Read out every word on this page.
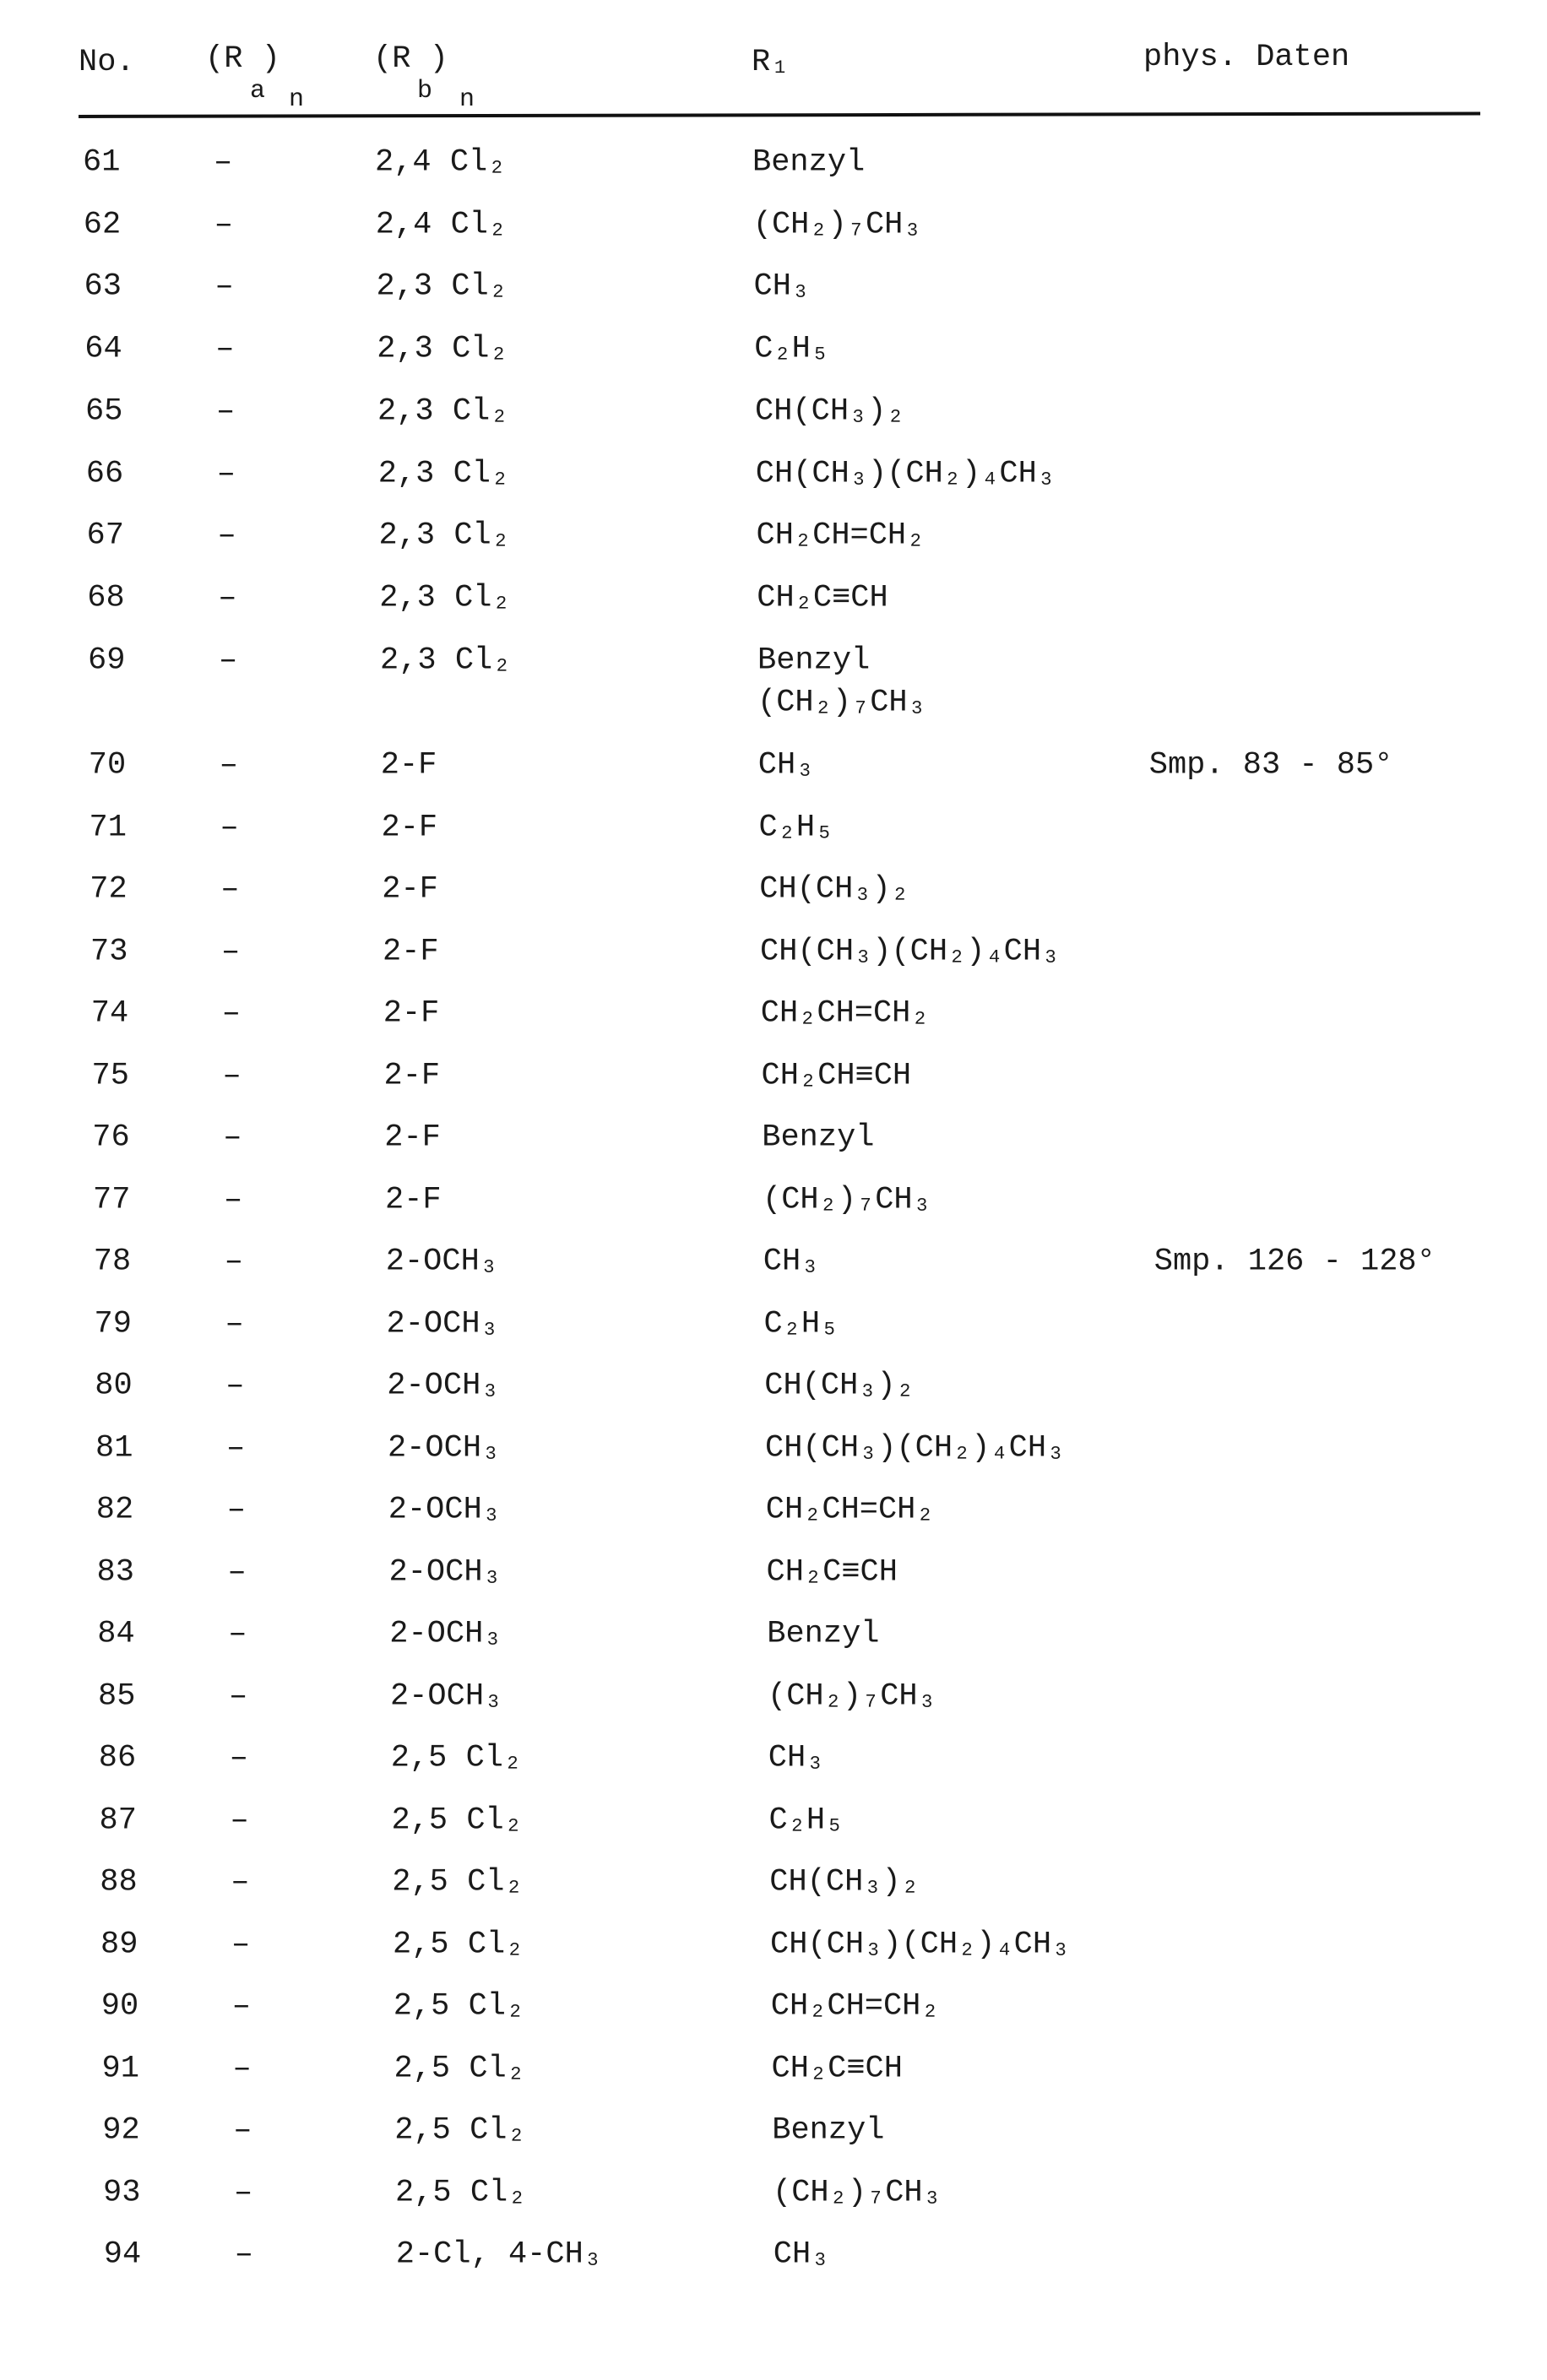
No. (R )
a n
(R )
b n
R₁	phys. Daten
61	–	2,4 Cl₂	Benzyl
62	–	2,4 Cl₂	(CH₂)₇CH₃
63	–	2,3 Cl₂	CH₃
64	–	2,3 Cl₂	C₂H₅
65	–	2,3 Cl₂	CH(CH₃)₂
66	–	2,3 Cl₂	CH(CH₃)(CH₂)₄CH₃
67	–	2,3 Cl₂	CH₂CH=CH₂
68	–	2,3 Cl₂	CH₂C≡CH
69	–	2,3 Cl₂	Benzyl
(CH₂)₇CH₃
70	–	2-F	CH₃	Smp. 83 - 85°
71	–	2-F	C₂H₅
72	–	2-F	CH(CH₃)₂
73	–	2-F	CH(CH₃)(CH₂)₄CH₃
74	–	2-F	CH₂CH=CH₂
75	–	2-F	CH₂CH≡CH
76	–	2-F	Benzyl
77	–	2-F	(CH₂)₇CH₃
78	–	2-OCH₃	CH₃	Smp. 126 - 128°
79	–	2-OCH₃	C₂H₅
80	–	2-OCH₃	CH(CH₃)₂
81	–	2-OCH₃	CH(CH₃)(CH₂)₄CH₃
82	–	2-OCH₃	CH₂CH=CH₂
83	–	2-OCH₃	CH₂C≡CH
84	–	2-OCH₃	Benzyl
85	–	2-OCH₃	(CH₂)₇CH₃
86	–	2,5 Cl₂	CH₃
87	–	2,5 Cl₂	C₂H₅
88	–	2,5 Cl₂	CH(CH₃)₂
89	–	2,5 Cl₂	CH(CH₃)(CH₂)₄CH₃
90	–	2,5 Cl₂	CH₂CH=CH₂
91	–	2,5 Cl₂	CH₂C≡CH
92	–	2,5 Cl₂	Benzyl
93	–	2,5 Cl₂	(CH₂)₇CH₃
94	–	2-Cl, 4-CH₃	CH₃
